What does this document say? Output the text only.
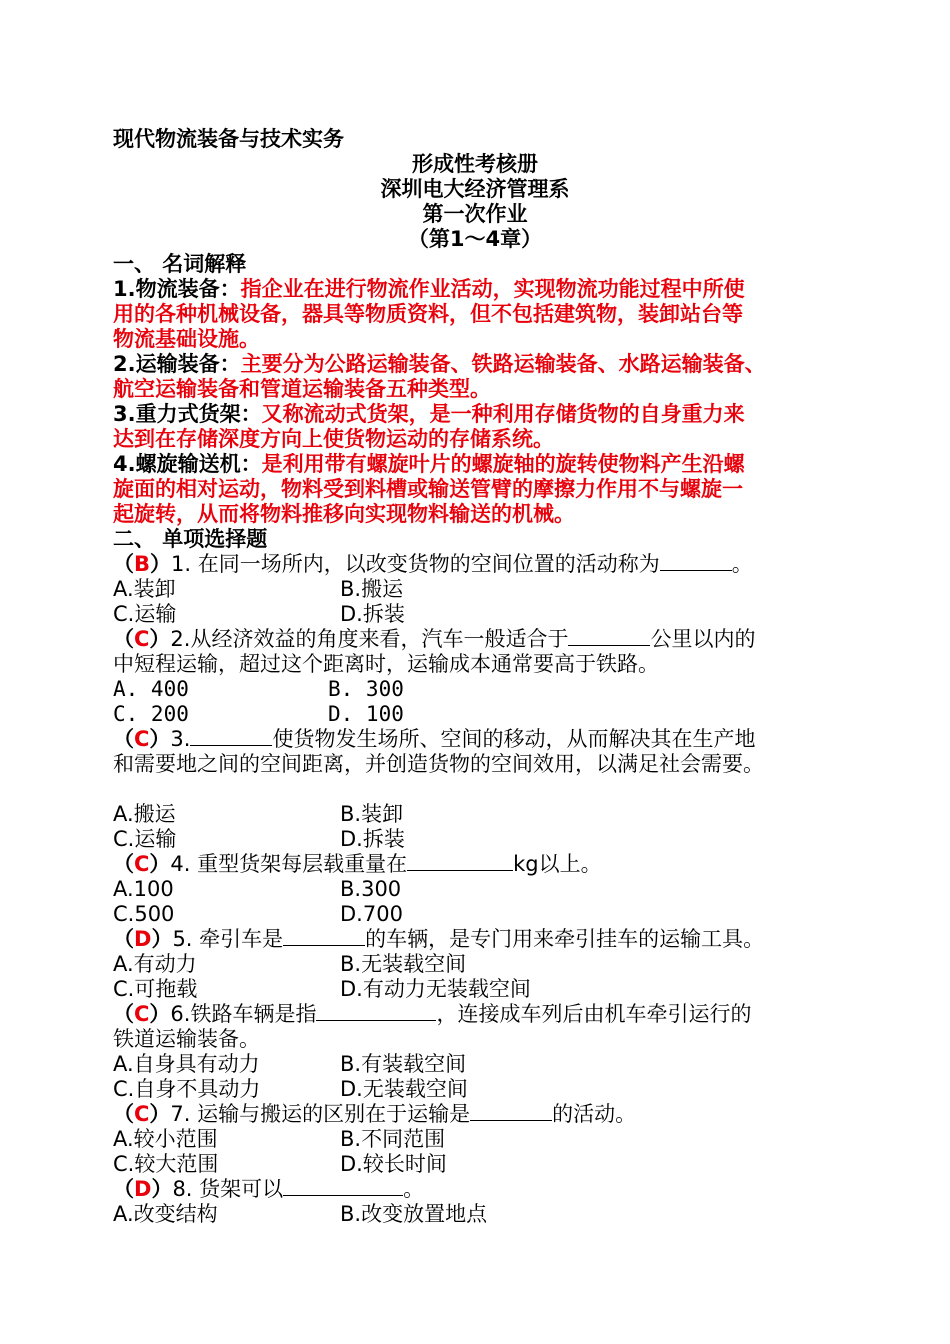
现代物流装备与技术实务
形成性考核册
深圳电大经济管理系
第一次作业
（第1～4章）
一、 名词解释
1.物流装备：指企业在进行物流作业活动，实现物流功能过程中所使
用的各种机械设备，器具等物质资料，但不包括建筑物，装卸站台等
物流基础设施。
2.运输装备：主要分为公路运输装备、铁路运输装备、水路运输装备、
航空运输装备和管道运输装备五种类型。
3.重力式货架：又称流动式货架，是一种利用存储货物的自身重力来
达到在存储深度方向上使货物运动的存储系统。
4.螺旋输送机：是利用带有螺旋叶片的螺旋轴的旋转使物料产生沿螺
旋面的相对运动，物料受到料槽或输送管臂的摩擦力作用不与螺旋一
起旋转，从而将物料推移向实现物料输送的机械。
二、 单项选择题
（B）1. 在同一场所内，以改变货物的空间位置的活动称为	。
A.装卸	B.搬运
C.运输	D.拆装
（C）2.从经济效益的角度来看，汽车一般适合于	公里以内的
中短程运输，超过这个距离时，运输成本通常要高于铁路。
A. 400	B. 300
C. 200	D. 100
（C）3.	使货物发生场所、空间的移动，从而解决其在生产地
和需要地之间的空间距离，并创造货物的空间效用，以满足社会需要。
A.搬运	B.装卸
C.运输	D.拆装
（C）4. 重型货架每层载重量在	kg以上。
A.100	B.300
C.500	D.700
（D）5. 牵引车是	的车辆，是专门用来牵引挂车的运输工具。
A.有动力	B.无装载空间
C.可拖载	D.有动力无装载空间
（C）6.铁路车辆是指	，连接成车列后由机车牵引运行的
铁道运输装备。
A.自身具有动力	B.有装载空间
C.自身不具动力	D.无装载空间
（C）7. 运输与搬运的区别在于运输是	的活动。
A.较小范围	B.不同范围
C.较大范围	D.较长时间
（D）8. 货架可以	。
A.改变结构	B.改变放置地点
